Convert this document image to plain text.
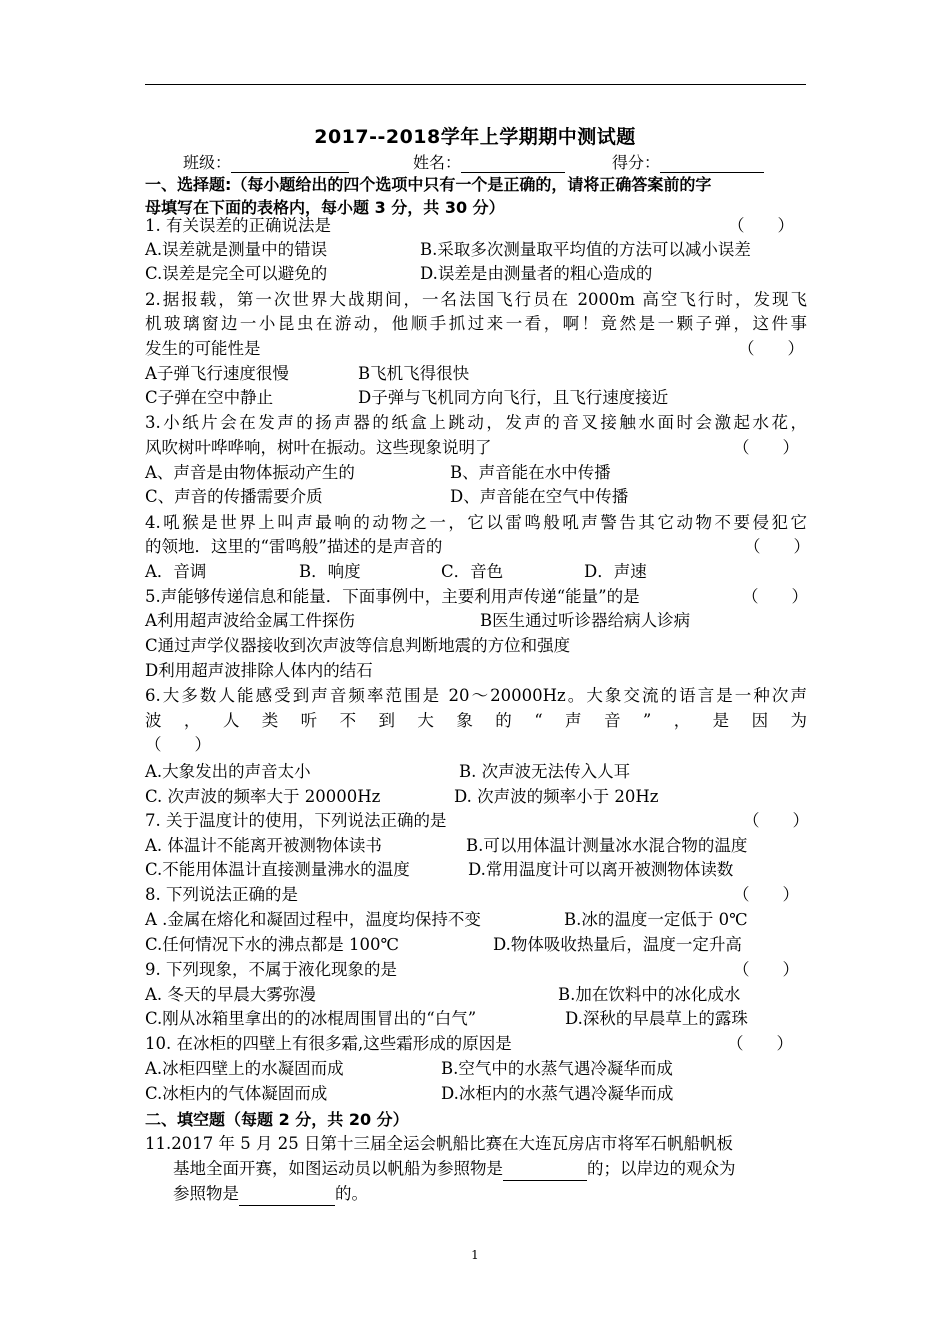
2017--2018学年上学期期中测试题
班级：	姓名：	得分：
一、选择题:（每小题给出的四个选项中只有一个是正确的，请将正确答案前的字
母填写在下面的表格内，每小题 3 分，共 30 分）
1. 有关误差的正确说法是	（　　）
A.误差就是测量中的错误	B.采取多次测量取平均值的方法可以减小误差
C.误差是完全可以避免的	D.误差是由测量者的粗心造成的
2.据报载，第一次世界大战期间，一名法国飞行员在 2000m 高空飞行时，发现飞
机玻璃窗边一小昆虫在游动，他顺手抓过来一看，啊！竟然是一颗子弹，这件事
发生的可能性是	（　　）
A子弹飞行速度很慢	B飞机飞得很快
C子弹在空中静止	D子弹与飞机同方向飞行，且飞行速度接近
3.小纸片会在发声的扬声器的纸盒上跳动，发声的音叉接触水面时会激起水花，
风吹树叶哗哗响，树叶在振动。这些现象说明了	（　　）
A、声音是由物体振动产生的	B、声音能在水中传播
C、声音的传播需要介质	D、声音能在空气中传播
4.吼猴是世界上叫声最响的动物之一，它以雷鸣般吼声警告其它动物不要侵犯它
的领地．这里的“雷鸣般”描述的是声音的	（　　）
A．音调	B．响度	C．音色	D．声速
5.声能够传递信息和能量．下面事例中，主要利用声传递“能量”的是	（　　）
A利用超声波给金属工件探伤	B医生通过听诊器给病人诊病
C通过声学仪器接收到次声波等信息判断地震的方位和强度
D利用超声波排除人体内的结石
6.大多数人能感受到声音频率范围是 20～20000Hz。大象交流的语言是一种次声
波，人类听不到大象的“声音”，是因为
（　　）
A.大象发出的声音太小	B. 次声波无法传入人耳
C. 次声波的频率大于 20000Hz	D. 次声波的频率小于 20Hz
7. 关于温度计的使用，下列说法正确的是	（　　）
A. 体温计不能离开被测物体读书	B.可以用体温计测量冰水混合物的温度
C.不能用体温计直接测量沸水的温度	D.常用温度计可以离开被测物体读数
8. 下列说法正确的是	（　　）
A .金属在熔化和凝固过程中，温度均保持不变	B.冰的温度一定低于 0℃
C.任何情况下水的沸点都是 100℃	D.物体吸收热量后，温度一定升高
9. 下列现象，不属于液化现象的是	（　　）
A. 冬天的早晨大雾弥漫	B.加在饮料中的冰化成水
C.刚从冰箱里拿出的的冰棍周围冒出的“白气”	D.深秋的早晨草上的露珠
10. 在冰柜的四壁上有很多霜,这些霜形成的原因是	（　　）
A.冰柜四壁上的水凝固而成	B.空气中的水蒸气遇冷凝华而成
C.冰柜内的气体凝固而成	D.冰柜内的水蒸气遇冷凝华而成
二、填空题（每题 2 分，共 20 分）
11.2017 年 5 月 25 日第十三届全运会帆船比赛在大连瓦房店市将军石帆船帆板
基地全面开赛，如图运动员以帆船为参照物是	的；以岸边的观众为
参照物是	的。
1
